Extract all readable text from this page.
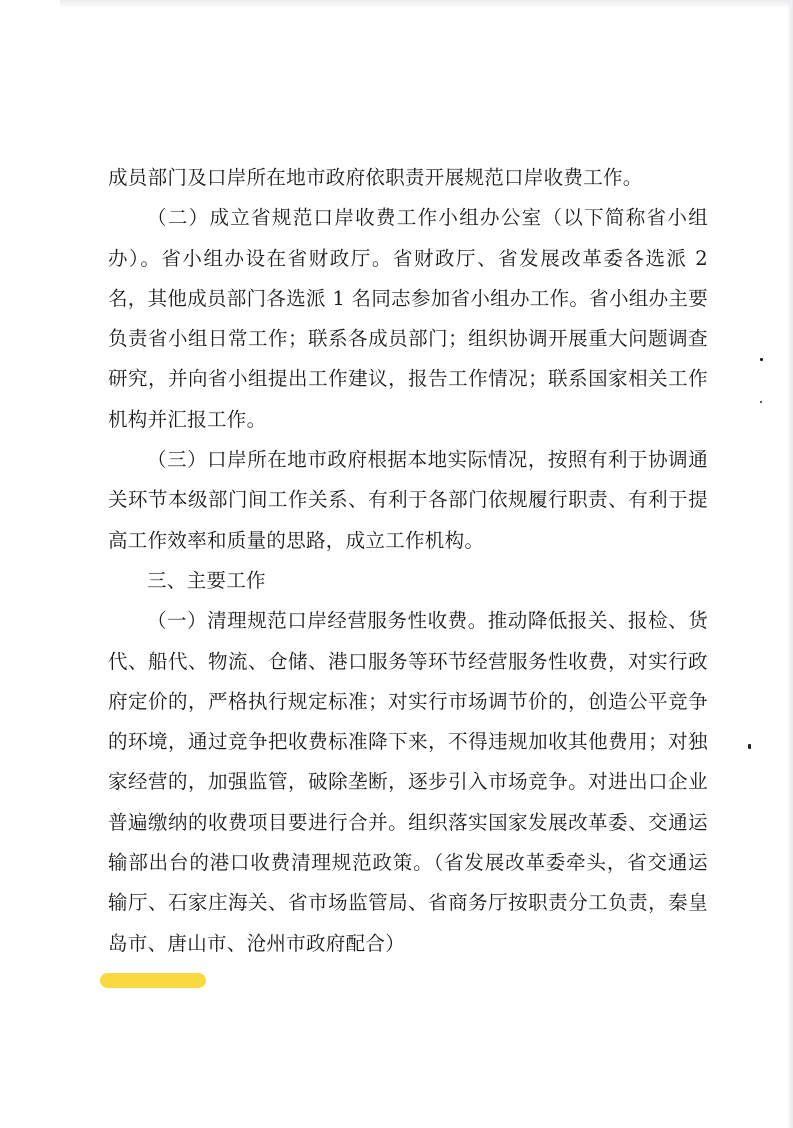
成员部门及口岸所在地市政府依职责开展规范口岸收费工作。

（二）成立省规范口岸收费工作小组办公室（以下简称省小组办）。省小组办设在省财政厅。省财政厅、省发展改革委各选派 2 名，其他成员部门各选派 1 名同志参加省小组办工作。省小组办主要负责省小组日常工作；联系各成员部门；组织协调开展重大问题调查研究，并向省小组提出工作建议，报告工作情况；联系国家相关工作机构并汇报工作。

（三）口岸所在地市政府根据本地实际情况，按照有利于协调通关环节本级部门间工作关系、有利于各部门依规履行职责、有利于提高工作效率和质量的思路，成立工作机构。

三、主要工作

（一）清理规范口岸经营服务性收费。推动降低报关、报检、货代、船代、物流、仓储、港口服务等环节经营服务性收费，对实行政府定价的，严格执行规定标准；对实行市场调节价的，创造公平竞争的环境，通过竞争把收费标准降下来，不得违规加收其他费用；对独家经营的，加强监管，破除垄断，逐步引入市场竞争。对进出口企业普遍缴纳的收费项目要进行合并。组织落实国家发展改革委、交通运输部出台的港口收费清理规范政策。（省发展改革委牵头，省交通运输厅、石家庄海关、省市场监管局、省商务厅按职责分工负责，秦皇岛市、唐山市、沧州市政府配合）
